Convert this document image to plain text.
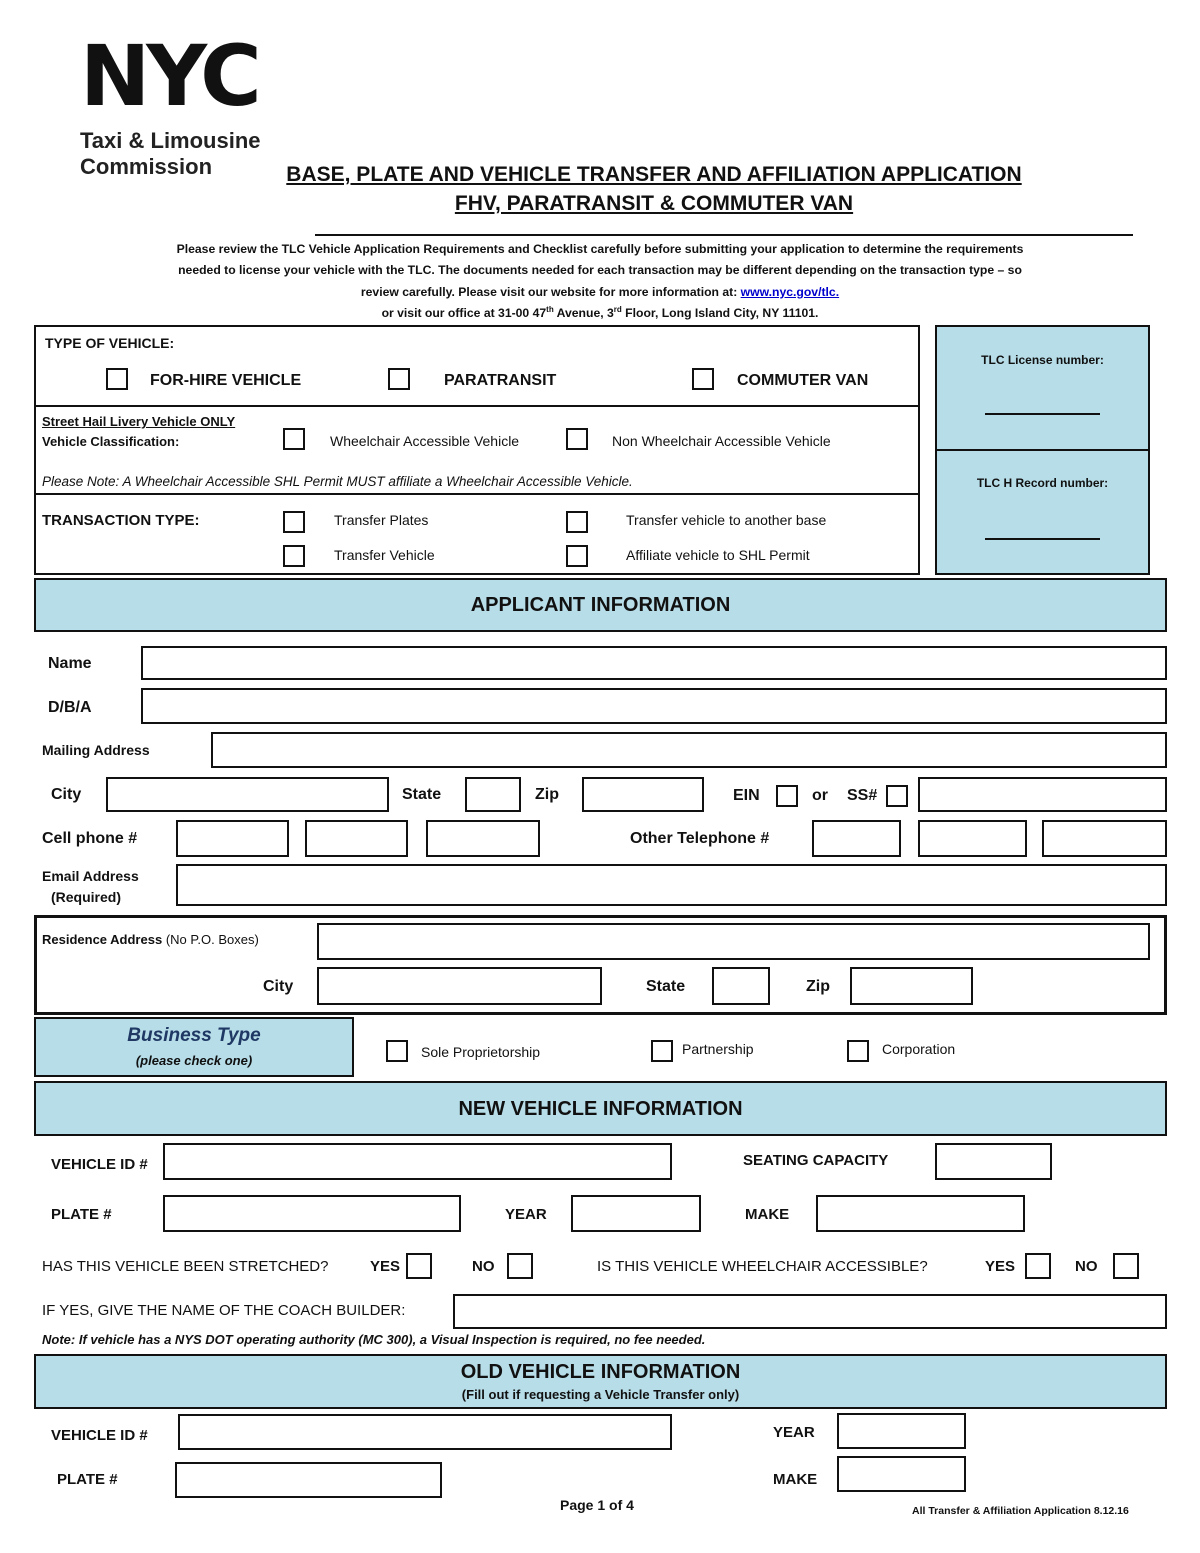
NYC
Taxi & Limousine
Commission	BASE, PLATE AND VEHICLE TRANSFER AND AFFILIATION APPLICATION
FHV, PARATRANSIT & COMMUTER VAN
Please review the TLC Vehicle Application Requirements and Checklist carefully before submitting your application to determine the requirements
needed to license your vehicle with the TLC. The documents needed for each transaction may be different depending on the transaction type – so
review carefully. Please visit our website for more information at: www.nyc.gov/tlc.
or visit our office at 31-00 47th Avenue, 3rd Floor, Long Island City, NY 11101.
TYPE OF VEHICLE:
FOR-HIRE VEHICLE	PARATRANSIT	COMMUTER VAN
Street Hail Livery Vehicle ONLY
Vehicle Classification:	Wheelchair Accessible Vehicle	Non Wheelchair Accessible Vehicle
Please Note: A Wheelchair Accessible SHL Permit MUST affiliate a Wheelchair Accessible Vehicle.
TRANSACTION TYPE:	Transfer Plates	Transfer vehicle to another base
Transfer Vehicle	Affiliate vehicle to SHL Permit
TLC License number:
TLC H Record number:
APPLICANT INFORMATION
Name
D/B/A
Mailing Address
City	State	Zip	EIN	or SS#
Cell phone #	Other Telephone #
Email Address
(Required)
Residence Address (No P.O. Boxes)
City	State	Zip
Business Type
(please check one)
Sole Proprietorship	Partnership	Corporation
NEW VEHICLE INFORMATION
VEHICLE ID #	SEATING CAPACITY
PLATE #	YEAR	MAKE
HAS THIS VEHICLE BEEN STRETCHED?	YES	NO	IS THIS VEHICLE WHEELCHAIR ACCESSIBLE?	YES	NO
IF YES, GIVE THE NAME OF THE COACH BUILDER:
Note: If vehicle has a NYS DOT operating authority (MC 300), a Visual Inspection is required, no fee needed.
OLD VEHICLE INFORMATION
(Fill out if requesting a Vehicle Transfer only)
VEHICLE ID #	YEAR
PLATE #	MAKE
Page 1 of 4	All Transfer & Affiliation Application 8.12.16
